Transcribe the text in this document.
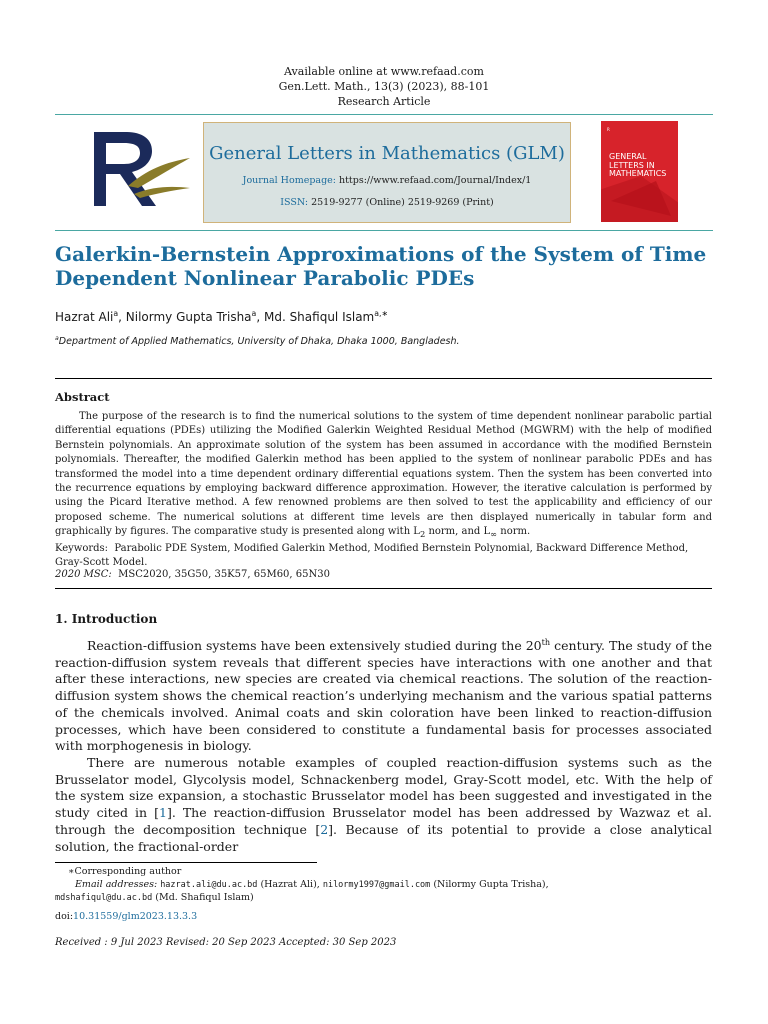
Available online at www.refaad.com
Gen.Lett. Math., 13(3) (2023), 88-101
Research Article
General Letters in Mathematics (GLM)
Journal Homepage: https://www.refaad.com/Journal/Index/1
ISSN: 2519-9277 (Online) 2519-9269 (Print)
R
GENERAL
LETTERS IN
MATHEMATICS
Galerkin-Bernstein Approximations of the System of Time
Dependent Nonlinear Parabolic PDEs
Hazrat Ali$^a$, Nilormy Gupta Trisha$^a$, Md. Shafiqul Islam$^{a,∗}$
$^a$Department of Applied Mathematics, University of Dhaka, Dhaka 1000, Bangladesh.
Abstract

The purpose of the research is to find the numerical solutions to the system of time dependent nonlinear parabolic partial differential equations (PDEs) utilizing the Modified Galerkin Weighted Residual Method (MGWRM) with the help of modified Bernstein polynomials. An approximate solution of the system has been assumed in accordance with the modified Bernstein polynomials. Thereafter, the modified Galerkin method has been applied to the system of nonlinear parabolic PDEs and has transformed the model into a time dependent ordinary differential equations system. Then the system has been converted into the recurrence equations by employing backward difference approximation. However, the iterative calculation is performed by using the Picard Iterative method. A few renowned problems are then solved to test the applicability and efficiency of our proposed scheme. The numerical solutions at different time levels are then displayed numerically in tabular form and graphically by figures. The comparative study is presented along with $L_2$ norm, and $L_\infty$ norm.

Keywords: Parabolic PDE System, Modified Galerkin Method, Modified Bernstein Polynomial, Backward Difference Method, Gray-Scott Model.

2020 MSC: MSC2020, 35G50, 35K57, 65M60, 65N30
1. Introduction

Reaction-diffusion systems have been extensively studied during the 20th century. The study of the reaction-diffusion system reveals that different species have interactions with one another and that after these interactions, new species are created via chemical reactions. The solution of the reaction-diffusion system shows the chemical reaction’s underlying mechanism and the various spatial patterns of the chemicals involved. Animal coats and skin coloration have been linked to reaction-diffusion processes, which have been considered to constitute a fundamental basis for processes associated with morphogenesis in biology.

There are numerous notable examples of coupled reaction-diffusion systems such as the Brusselator model, Glycolysis model, Schnackenberg model, Gray-Scott model, etc. With the help of the system size expansion, a stochastic Brusselator model has been suggested and investigated in the study cited in [1]. The reaction-diffusion Brusselator model has been addressed by Wazwaz et al. through the decomposition technique [2]. Because of its potential to provide a close analytical solution, the fractional-order

∗Corresponding author
Email addresses: hazrat.ali@du.ac.bd (Hazrat Ali), nilormy1997@gmail.com (Nilormy Gupta Trisha),
mdshafiqul@du.ac.bd (Md. Shafiqul Islam)
doi:10.31559/glm2023.13.3.3
Received : 9 Jul 2023 Revised: 20 Sep 2023 Accepted: 30 Sep 2023
